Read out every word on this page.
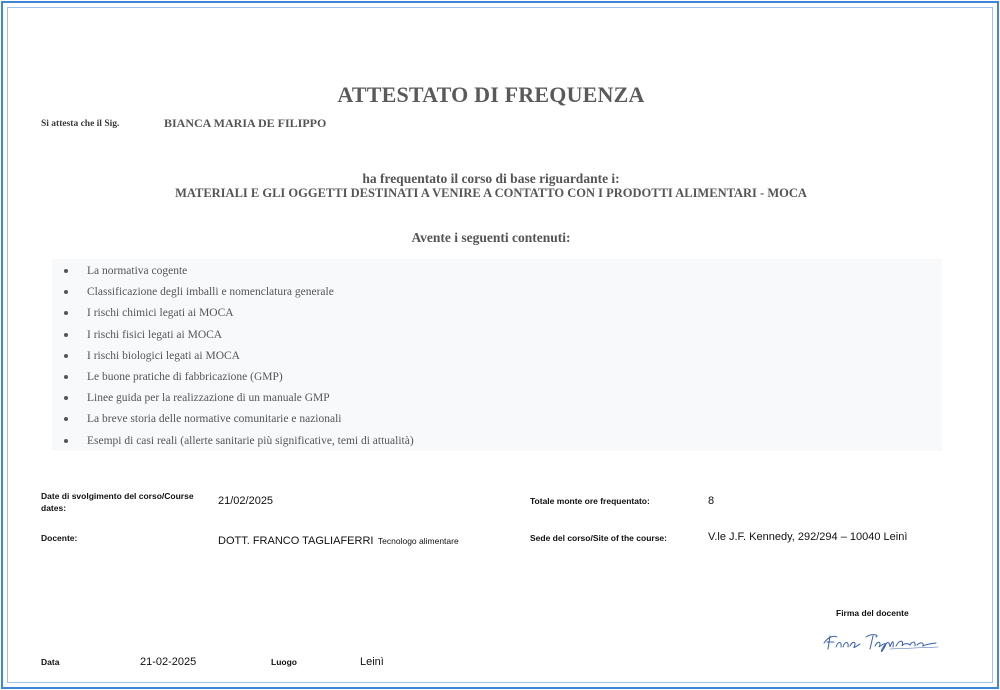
ATTESTATO DI FREQUENZA
Si attesta che il Sig.	BIANCA MARIA DE FILIPPO
ha frequentato il corso di base riguardante i:
MATERIALI E GLI OGGETTI DESTINATI A VENIRE A CONTATTO CON I PRODOTTI ALIMENTARI - MOCA
Avente i seguenti contenuti:
La normativa cogente
Classificazione degli imballi e nomenclatura generale
I rischi chimici legati ai MOCA
I rischi fisici legati ai MOCA
I rischi biologici legati ai MOCA
Le buone pratiche di fabbricazione (GMP)
Linee guida per la realizzazione di un manuale GMP
La breve storia delle normative comunitarie e nazionali
Esempi di casi reali (allerte sanitarie più significative, temi di attualità)
Date di svolgimento del corso/Course dates:
21/02/2025	Totale monte ore frequentato:	8
Docente:	DOTT. FRANCO TAGLIAFERRI Tecnologo alimentare	Sede del corso/Site of the course:	V.le J.F. Kennedy, 292/294 – 10040 Leinì
Firma del docente
Data	21-02-2025	Luogo	Leinì
